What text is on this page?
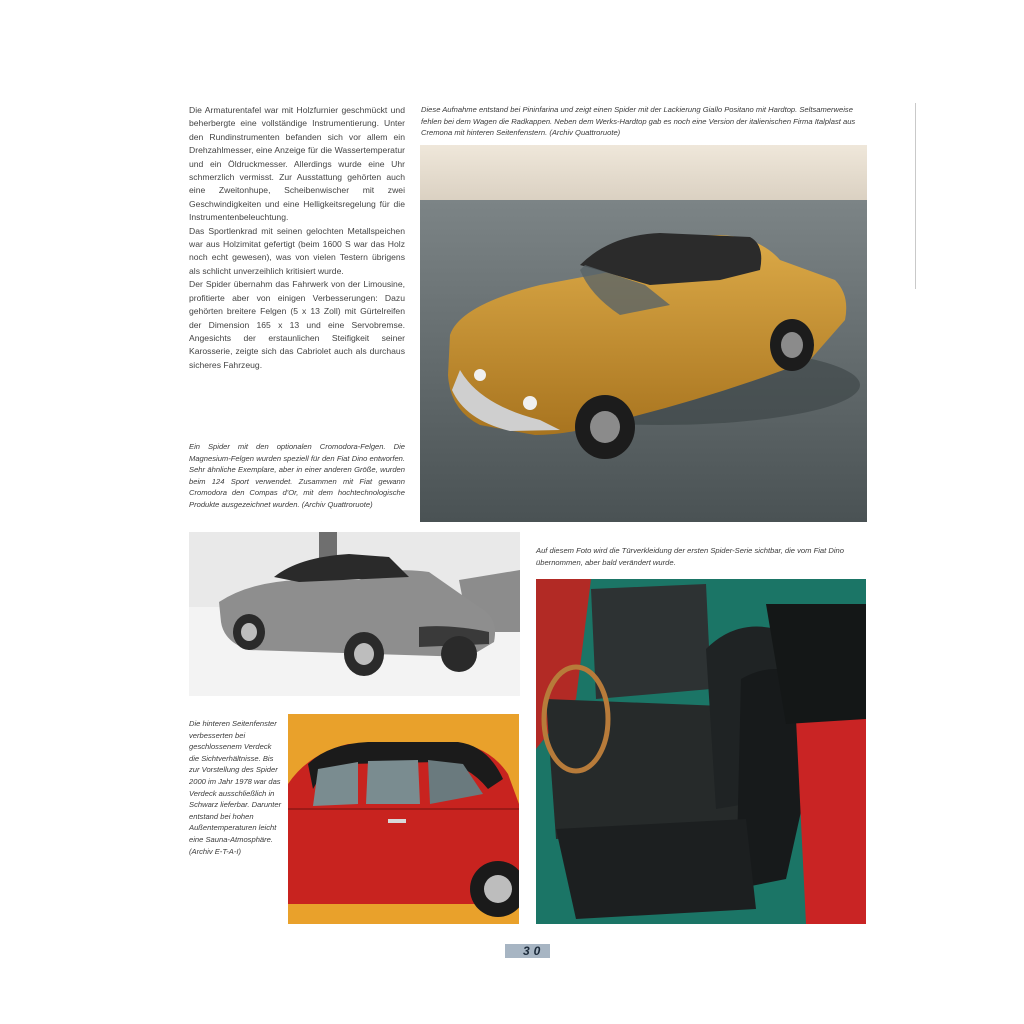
Die Armaturentafel war mit Holzfurnier geschmückt und beherbergte eine vollständige Instrumentierung. Unter den Rundinstrumenten befanden sich vor allem ein Drehzahlmesser, eine Anzeige für die Wassertemperatur und ein Öldruckmesser. Allerdings wurde eine Uhr schmerzlich vermisst. Zur Ausstattung gehörten auch eine Zweitonhupe, Scheibenwischer mit zwei Geschwindigkeiten und eine Helligkeitsregelung für die Instrumentenbeleuchtung.

Das Sportlenkrad mit seinen gelochten Metallspeichen war aus Holzimitat gefertigt (beim 1600 S war das Holz noch echt gewesen), was von vielen Testern übrigens als schlicht unverzeihlich kritisiert wurde.

Der Spider übernahm das Fahrwerk von der Limousine, profitierte aber von einigen Verbesserungen: Dazu gehörten breitere Felgen (5 x 13 Zoll) mit Gürtelreifen der Dimension 165 x 13 und eine Servobremse. Angesichts der erstaunlichen Steifigkeit seiner Karosserie, zeigte sich das Cabriolet auch als durchaus sicheres Fahrzeug.

Diese Aufnahme entstand bei Pininfarina und zeigt einen Spider mit der Lackierung Giallo Positano mit Hardtop. Seltsamerweise fehlen bei dem Wagen die Radkappen. Neben dem Werks-Hardtop gab es noch eine Version der italienischen Firma Italplast aus Cremona mit hinteren Seitenfenstern. (Archiv Quattroruote)
Ein Spider mit den optionalen Cromodora-Felgen. Die Magnesium-Felgen wurden speziell für den Fiat Dino entworfen. Sehr ähnliche Exemplare, aber in einer anderen Größe, wurden beim 124 Sport verwendet. Zusammen mit Fiat gewann Cromodora den Compas d'Or, mit dem hochtechnologische Produkte ausgezeichnet wurden. (Archiv Quattroruote)
Auf diesem Foto wird die Türverkleidung der ersten Spider-Serie sichtbar, die vom Fiat Dino übernommen, aber bald verändert wurde.
Die hinteren Seitenfenster verbesserten bei geschlossenem Verdeck die Sichtverhältnisse. Bis zur Vorstellung des Spider 2000 im Jahr 1978 war das Verdeck ausschließlich in Schwarz lieferbar. Darunter entstand bei hohen Außentemperaturen leicht eine Sauna-Atmosphäre. (Archiv E-T-A-I)
30
